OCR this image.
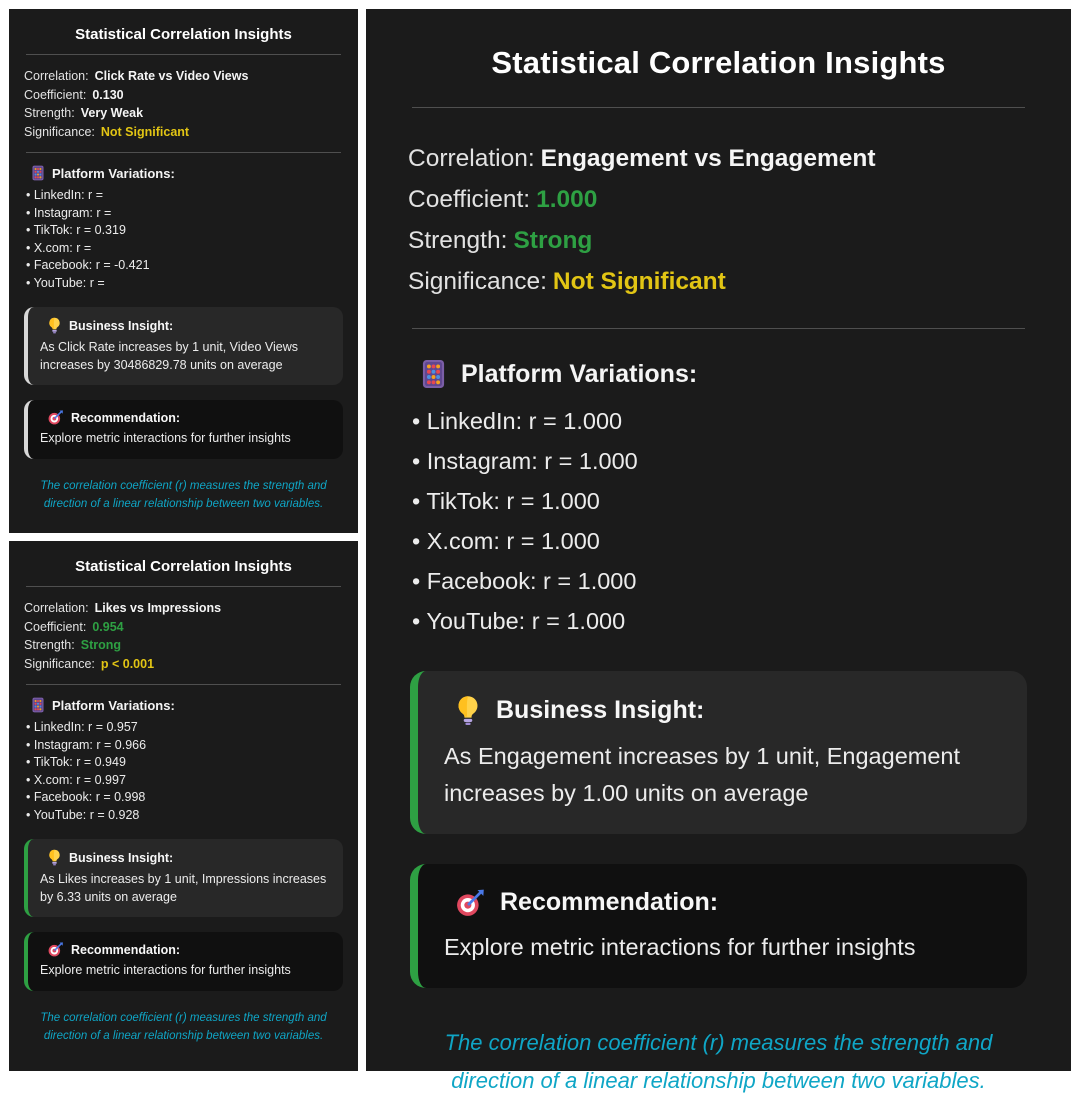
Statistical Correlation Insights
Correlation: Click Rate vs Video Views
Coefficient: 0.130
Strength: Very Weak
Significance: Not Significant
Platform Variations:
• LinkedIn: r =
• Instagram: r =
• TikTok: r = 0.319
• X.com: r =
• Facebook: r = -0.421
• YouTube: r =
Business Insight:
As Click Rate increases by 1 unit, Video Views increases by 30486829.78 units on average
Recommendation:
Explore metric interactions for further insights

The correlation coefficient (r) measures the strength and direction of a linear relationship between two variables.

Statistical Correlation Insights
Correlation: Likes vs Impressions
Coefficient: 0.954
Strength: Strong
Significance: p < 0.001
Platform Variations:
• LinkedIn: r = 0.957
• Instagram: r = 0.966
• TikTok: r = 0.949
• X.com: r = 0.997
• Facebook: r = 0.998
• YouTube: r = 0.928
Business Insight:
As Likes increases by 1 unit, Impressions increases by 6.33 units on average
Recommendation:
Explore metric interactions for further insights

The correlation coefficient (r) measures the strength and direction of a linear relationship between two variables.

Statistical Correlation Insights
Correlation: Engagement vs Engagement
Coefficient: 1.000
Strength: Strong
Significance: Not Significant
Platform Variations:
• LinkedIn: r = 1.000
• Instagram: r = 1.000
• TikTok: r = 1.000
• X.com: r = 1.000
• Facebook: r = 1.000
• YouTube: r = 1.000
Business Insight:
As Engagement increases by 1 unit, Engagement increases by 1.00 units on average
Recommendation:
Explore metric interactions for further insights

The correlation coefficient (r) measures the strength and direction of a linear relationship between two variables.
